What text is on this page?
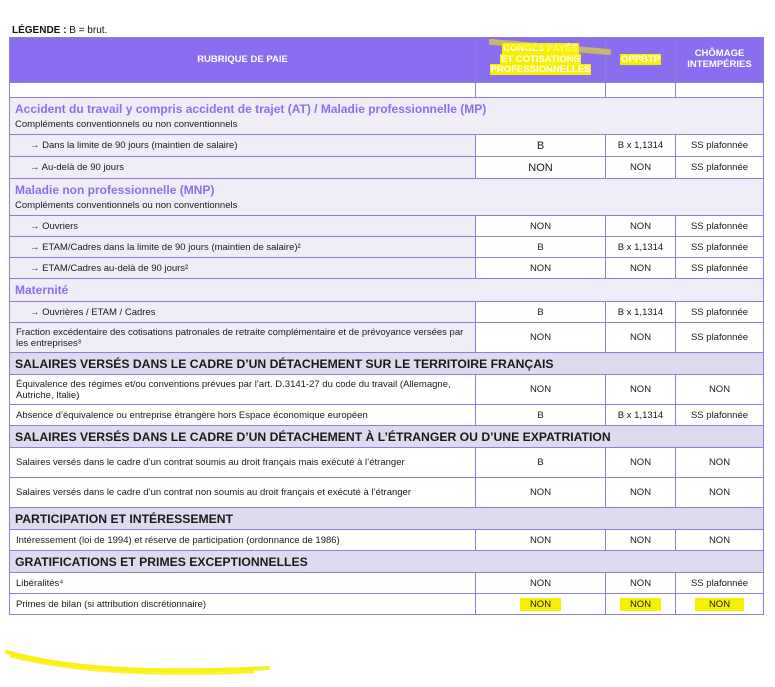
LÉGENDE : B = brut.
RUBRIQUE DE PAIE	CONGÉS PAYÉS
ET COTISATIONS
PROFESSIONNELLES	OPPBTP	CHÔMAGE
INTEMPÉRIES

Accident du travail y compris accident de trajet (AT) / Maladie professionnelle (MP)
Compléments conventionnels ou non conventionnels			

→ Dans la limite de 90 jours (maintien de salaire)	B	B x 1,1314	SS plafonnée
→ Au-delà de 90 jours	NON	NON	SS plafonnée

Maladie non professionnelle (MNP)
Compléments conventionnels ou non conventionnels			

→ Ouvriers	NON	NON	SS plafonnée
→ ETAM/Cadres dans la limite de 90 jours (maintien de salaire)²	B	B x 1,1314	SS plafonnée
→ ETAM/Cadres au-delà de 90 jours²	NON	NON	SS plafonnée

Maternité			

→ Ouvrières / ETAM / Cadres	B	B x 1,1314	SS plafonnée
Fraction excédentaire des cotisations patronales de retraite complémentaire et de prévoyance versées par les entreprises³	NON	NON	SS plafonnée
SALAIRES VERSÉS DANS LE CADRE D’UN DÉTACHEMENT SUR LE TERRITOIRE FRANÇAIS			
Équivalence des régimes et/ou conventions prévues par l’art. D.3141-27 du code du travail (Allemagne, Autriche, Italie)	NON	NON	NON
Absence d’équivalence ou entreprise étrangère hors Espace économique européen	B	B x 1,1314	SS plafonnée
SALAIRES VERSÉS DANS LE CADRE D’UN DÉTACHEMENT À L’ÉTRANGER OU D’UNE EXPATRIATION			
Salaires versés dans le cadre d’un contrat soumis au droit français mais exécuté à l’étranger	B	NON	NON
Salaires versés dans le cadre d’un contrat non soumis au droit français et exécuté à l’étranger	NON	NON	NON
PARTICIPATION ET INTÉRESSEMENT			
Intéressement (loi de 1994) et réserve de participation (ordonnance de 1986)	NON	NON	NON
GRATIFICATIONS ET PRIMES EXCEPTIONNELLES			
Libéralités⁴	NON	NON	SS plafonnée
Primes de bilan (si attribution discrétionnaire)	NON	NON	NON
